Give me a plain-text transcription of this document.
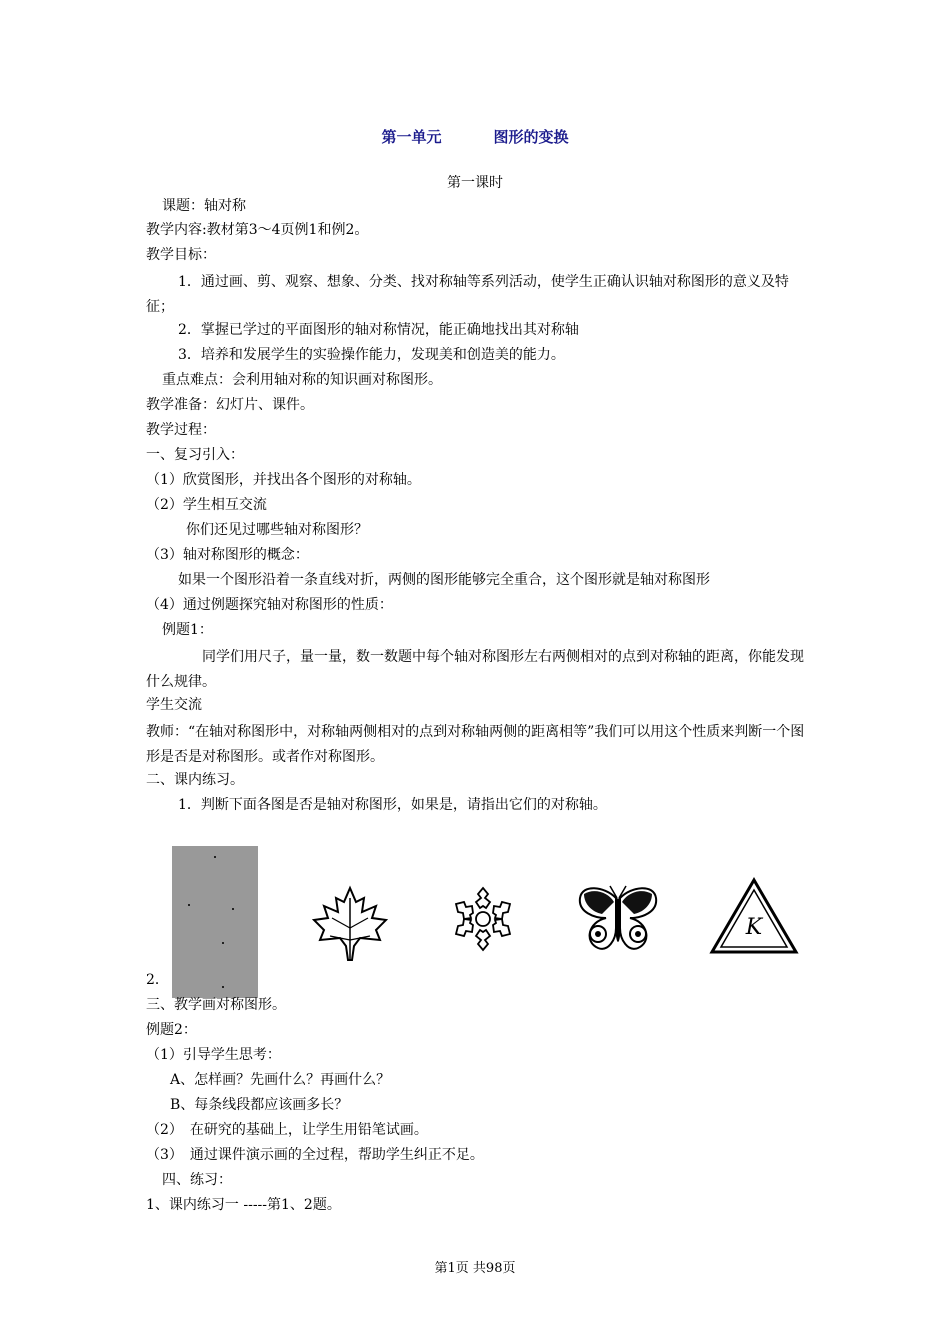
第一单元	图形的变换
第一课时
课题：轴对称
教学内容:教材第3～4页例1和例2。
教学目标：
1．通过画、剪、观察、想象、分类、找对称轴等系列活动，使学生正确认识轴对称图形的意义及特征；
2．掌握已学过的平面图形的轴对称情况，能正确地找出其对称轴
3．培养和发展学生的实验操作能力，发现美和创造美的能力。
重点难点：会利用轴对称的知识画对称图形。
教学准备：幻灯片、课件。
教学过程：
一、复习引入：
（1）欣赏图形，并找出各个图形的对称轴。
（2）学生相互交流
你们还见过哪些轴对称图形？
（3）轴对称图形的概念：
如果一个图形沿着一条直线对折，两侧的图形能够完全重合，这个图形就是轴对称图形
（4）通过例题探究轴对称图形的性质：
例题1：
同学们用尺子，量一量，数一数题中每个轴对称图形左右两侧相对的点到对称轴的距离，你能发现什么规律。
学生交流
教师：“在轴对称图形中，对称轴两侧相对的点到对称轴两侧的距离相等”我们可以用这个性质来判断一个图形是否是对称图形。或者作对称图形。
二、课内练习。
1．判断下面各图是否是轴对称图形，如果是，请指出它们的对称轴。
K
2．
三、教学画对称图形。
例题2：
（1）引导学生思考：
A、怎样画？先画什么？再画什么？
B、每条线段都应该画多长？
（2）　在研究的基础上，让学生用铅笔试画。
（3）　通过课件演示画的全过程，帮助学生纠正不足。
四、练习：
1、课内练习一 -----第1、2题。
第1页 共98页
